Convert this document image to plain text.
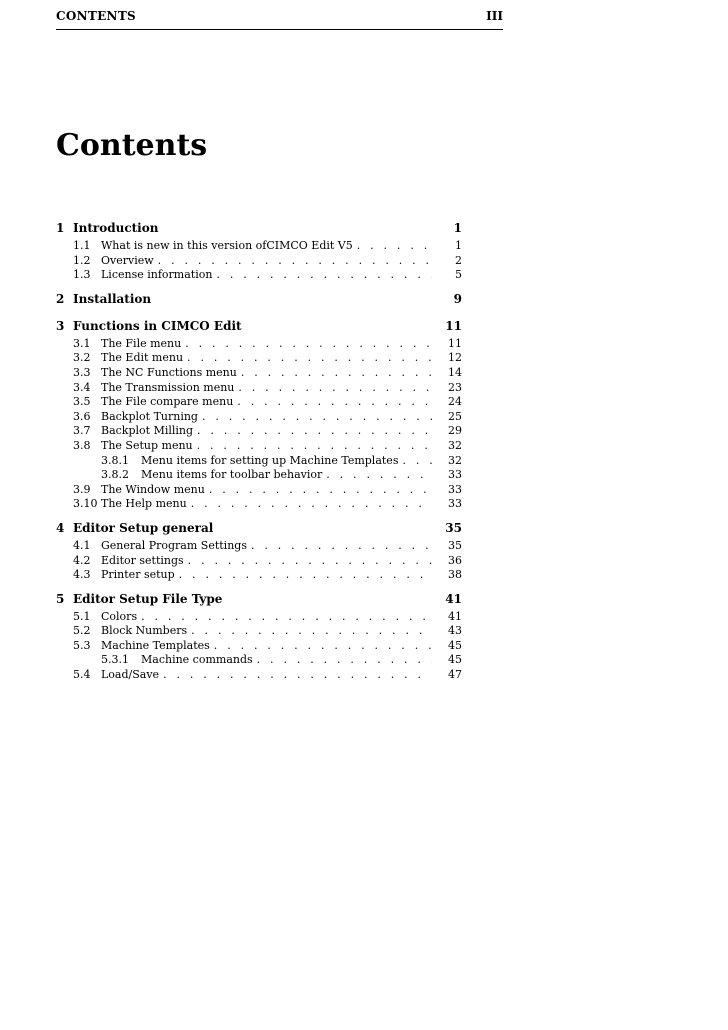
CONTENTS	III
Contents
1 Introduction	1
1.1 What is new in this version ofCIMCO Edit V5 . . .	1
1.2 Overview . . .	2
1.3 License information . . .	5
2 Installation	9
3 Functions in CIMCO Edit	11
3.1 The File menu . . .	11
3.2 The Edit menu . . .	12
3.3 The NC Functions menu . . .	14
3.4 The Transmission menu . . .	23
3.5 The File compare menu . . .	24
3.6 Backplot Turning . . .	25
3.7 Backplot Milling . . .	29
3.8 The Setup menu . . .	32
3.8.1	Menu items for setting up Machine Templates . . .	32
3.8.2	Menu items for toolbar behavior . . .	33
3.9 The Window menu . . .	33
3.10 The Help menu . . .	33
4 Editor Setup general	35
4.1 General Program Settings . . .	35
4.2 Editor settings . . .	36
4.3 Printer setup . . .	38
5 Editor Setup File Type	41
5.1 Colors . . .	41
5.2 Block Numbers . . .	43
5.3 Machine Templates . . .	45
5.3.1	Machine commands . . .	45
5.4 Load/Save . . .	47
